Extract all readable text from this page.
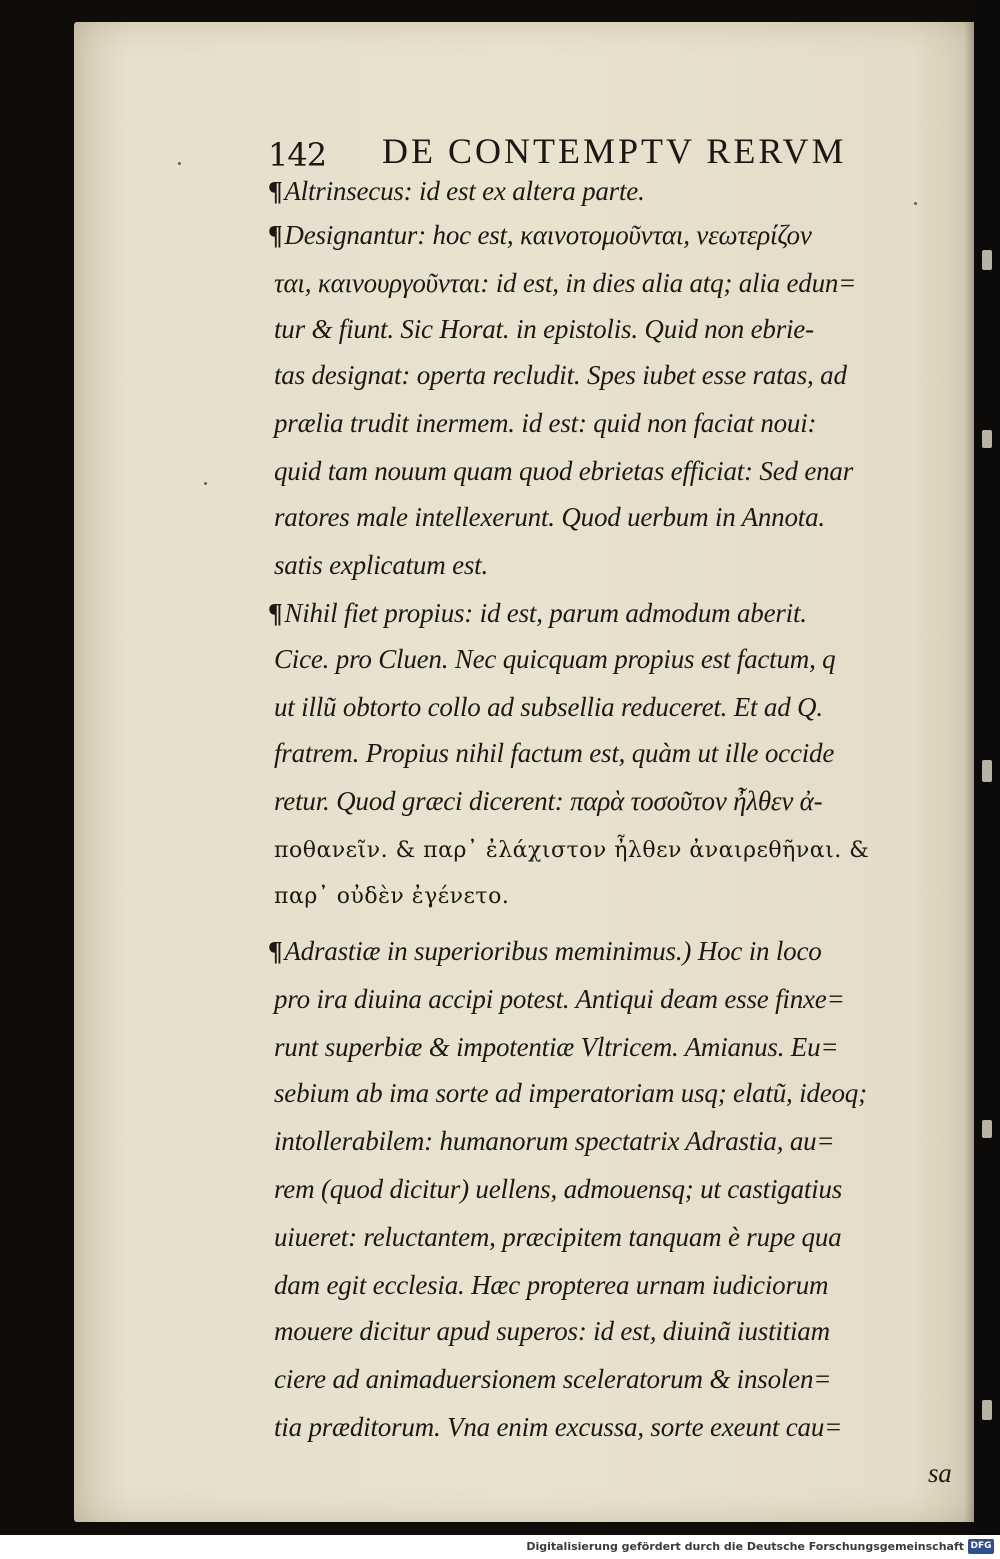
142 DE CONTEMPTV RERVM
¶Altrinsecus: id est ex altera parte.
¶Designantur: hoc est, καινοτομοῦνται, νεωτερίζον
ται, καινουργοῦνται: id est, in dies alia atq; alia edun=
tur & fiunt. Sic Horat. in epistolis. Quid non ebrie-
tas designat: operta recludit. Spes iubet esse ratas, ad
prælia trudit inermem. id est: quid non faciat noui:
quid tam nouum quam quod ebrietas efficiat: Sed enar
ratores male intellexerunt. Quod uerbum in Annota.
satis explicatum est.
¶Nihil fiet propius: id est, parum admodum aberit.
Cice. pro Cluen. Nec quicquam propius est factum, q
ut illũ obtorto collo ad subsellia reduceret. Et ad Q.
fratrem. Propius nihil factum est, quàm ut ille occide
retur. Quod græci dicerent: παρὰ τοσοῦτον ἦλθεν ἀ-
ποθανεῖν. & παρ᾽ ἐλάχιστον ἦλθεν ἀναιρεθῆναι. &
παρ᾽ οὐδὲν ἐγένετο.
¶Adrastiæ in superioribus meminimus.) Hoc in loco
pro ira diuina accipi potest. Antiqui deam esse finxe=
runt superbiæ & impotentiæ Vltricem. Amianus. Eu=
sebium ab ima sorte ad imperatoriam usq; elatũ, ideoq;
intollerabilem: humanorum spectatrix Adrastia, au=
rem (quod dicitur) uellens, admouensq; ut castigatius
uiueret: reluctantem, præcipitem tanquam è rupe qua
dam egit ecclesia. Hæc propterea urnam iudiciorum
mouere dicitur apud superos: id est, diuinã iustitiam
ciere ad animaduersionem sceleratorum & insolen=
tia præditorum. Vna enim excussa, sorte exeunt cau=
sa
Digitalisierung gefördert durch die Deutsche Forschungsgemeinschaft DFG
